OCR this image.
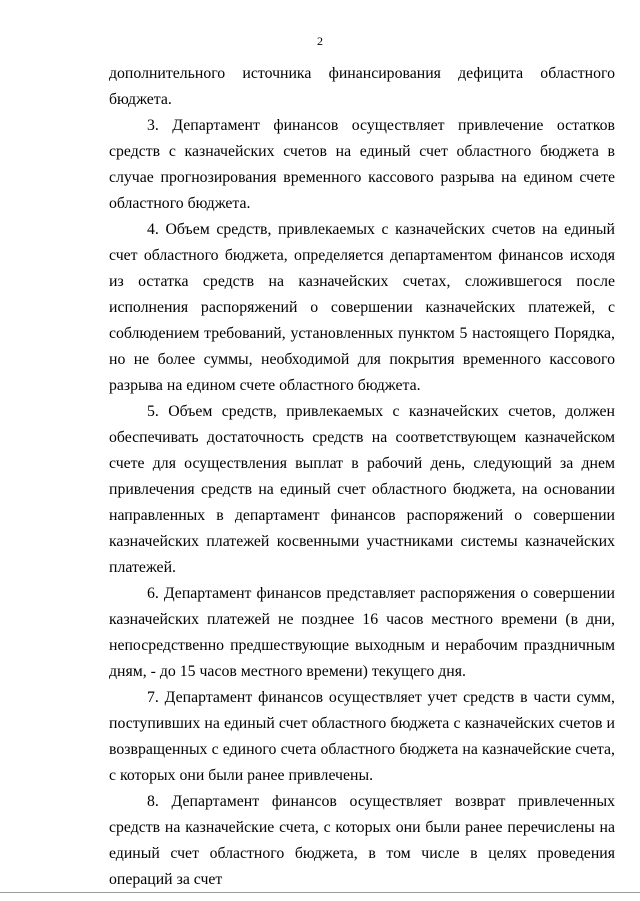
2

дополнительного источника финансирования дефицита областного бюджета.

3. Департамент финансов осуществляет привлечение остатков средств с казначейских счетов на единый счет областного бюджета в случае прогнозирования временного кассового разрыва на едином счете областного бюджета.

4. Объем средств, привлекаемых с казначейских счетов на единый счет областного бюджета, определяется департаментом финансов исходя из остатка средств на казначейских счетах, сложившегося после исполнения распоряжений о совершении казначейских платежей, с соблюдением требований, установленных пунктом 5 настоящего Порядка, но не более суммы, необходимой для покрытия временного кассового разрыва на едином счете областного бюджета.

5. Объем средств, привлекаемых с казначейских счетов, должен обеспечивать достаточность средств на соответствующем казначейском счете для осуществления выплат в рабочий день, следующий за днем привлечения средств на единый счет областного бюджета, на основании направленных в департамент финансов распоряжений о совершении казначейских платежей косвенными участниками системы казначейских платежей.

6. Департамент финансов представляет распоряжения о совершении казначейских платежей не позднее 16 часов местного времени (в дни, непосредственно предшествующие выходным и нерабочим праздничным дням, - до 15 часов местного времени) текущего дня.

7. Департамент финансов осуществляет учет средств в части сумм, поступивших на единый счет областного бюджета с казначейских счетов и возвращенных с единого счета областного бюджета на казначейские счета, с которых они были ранее привлечены.

8. Департамент финансов осуществляет возврат привлеченных средств на казначейские счета, с которых они были ранее перечислены на единый счет областного бюджета, в том числе в целях проведения операций за счет
